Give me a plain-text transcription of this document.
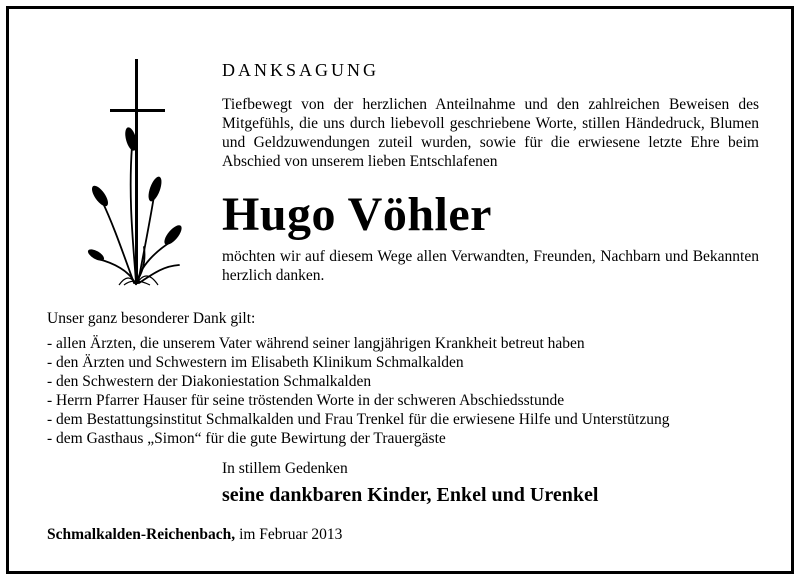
DANKSAGUNG

Tiefbewegt von der herzlichen Anteilnahme und den zahlreichen Beweisen des Mitgefühls, die uns durch liebevoll geschriebene Worte, stillen Händedruck, Blumen und Geldzuwendungen zuteil wurden, sowie für die erwiesene letzte Ehre beim Abschied von unserem lieben Entschlafenen

Hugo Vöhler

möchten wir auf diesem Wege allen Verwandten, Freunden, Nachbarn und Bekannten herzlich danken.

Unser ganz besonderer Dank gilt:

- allen Ärzten, die unserem Vater während seiner langjährigen Krankheit betreut haben
- den Ärzten und Schwestern im Elisabeth Klinikum Schmalkalden
- den Schwestern der Diakoniestation Schmalkalden
- Herrn Pfarrer Hauser für seine tröstenden Worte in der schweren Abschiedsstunde
- dem Bestattungsinstitut Schmalkalden und Frau Trenkel für die erwiesene Hilfe und Unterstützung
- dem Gasthaus „Simon“ für die gute Bewirtung der Trauergäste

In stillem Gedenken

seine dankbaren Kinder, Enkel und Urenkel

Schmalkalden-Reichenbach, im Februar 2013
